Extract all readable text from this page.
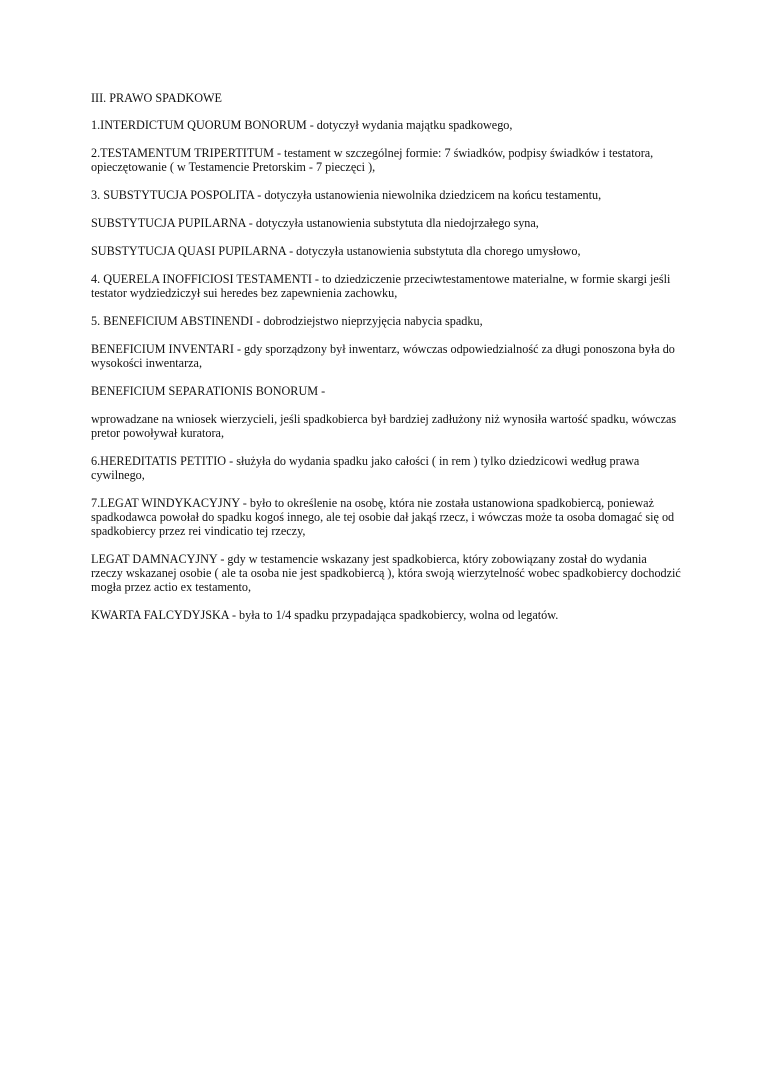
III. PRAWO SPADKOWE

1.INTERDICTUM QUORUM BONORUM - dotyczył wydania majątku spadkowego,

2.TESTAMENTUM TRIPERTITUM - testament w szczególnej formie: 7 świadków, podpisy świadków i testatora, opieczętowanie ( w Testamencie Pretorskim - 7 pieczęci ),

3. SUBSTYTUCJA POSPOLITA - dotyczyła ustanowienia niewolnika dziedzicem na końcu testamentu,

SUBSTYTUCJA PUPILARNA - dotyczyła ustanowienia substytuta dla niedojrzałego syna,

SUBSTYTUCJA QUASI PUPILARNA - dotyczyła ustanowienia substytuta dla chorego umysłowo,

4. QUERELA INOFFICIOSI TESTAMENTI - to dziedziczenie przeciwtestamentowe materialne, w formie skargi jeśli testator wydziedziczył sui heredes bez zapewnienia zachowku,

5. BENEFICIUM ABSTINENDI - dobrodziejstwo nieprzyjęcia nabycia spadku,

BENEFICIUM INVENTARI - gdy sporządzony był inwentarz, wówczas odpowiedzialność za długi ponoszona była do wysokości inwentarza,

BENEFICIUM SEPARATIONIS BONORUM -

wprowadzane na wniosek wierzycieli, jeśli spadkobierca był bardziej zadłużony niż wynosiła wartość spadku, wówczas pretor powoływał kuratora,

6.HEREDITATIS PETITIO - służyła do wydania spadku jako całości ( in rem ) tylko dziedzicowi według prawa cywilnego,

7.LEGAT WINDYKACYJNY - było to określenie na osobę, która nie została ustanowiona spadkobiercą, ponieważ spadkodawca powołał do spadku kogoś innego, ale tej osobie dał jakąś rzecz, i wówczas może ta osoba domagać się od spadkobiercy przez rei vindicatio tej rzeczy,

LEGAT DAMNACYJNY - gdy w testamencie wskazany jest spadkobierca, który zobowiązany został do wydania rzeczy wskazanej osobie ( ale ta osoba nie jest spadkobiercą ), która swoją wierzytelność wobec spadkobiercy dochodzić mogła przez actio ex testamento,

KWARTA FALCYDYJSKA - była to 1/4 spadku przypadająca spadkobiercy, wolna od legatów.
